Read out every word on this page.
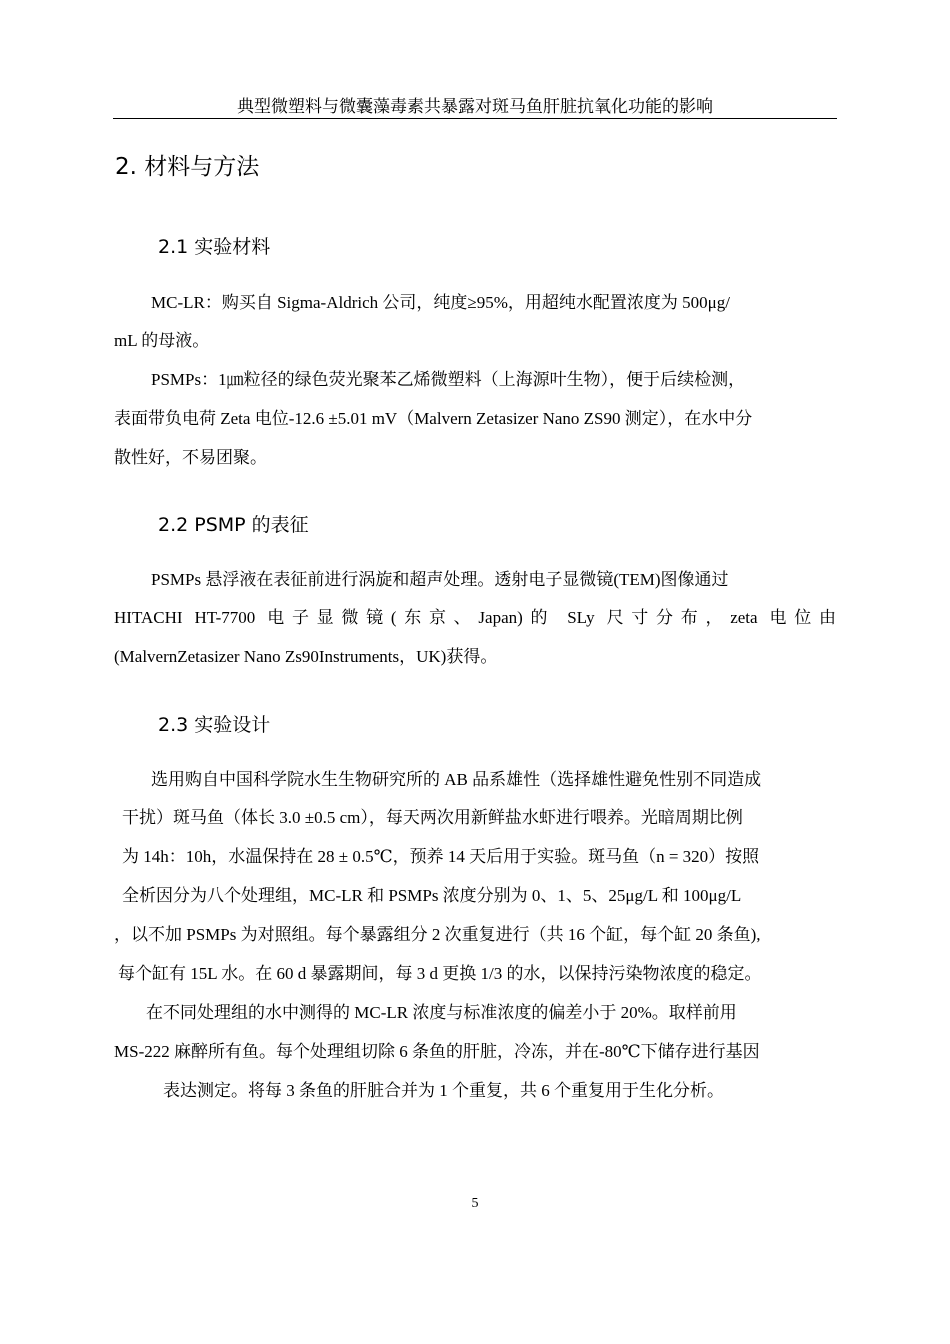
典型微塑料与微囊藻毒素共暴露对斑马鱼肝脏抗氧化功能的影响
2. 材料与方法
2.1 实验材料
MC-LR：购买自 Sigma-Aldrich 公司，纯度≥95%，用超纯水配置浓度为 500μg/
mL 的母液。
PSMPs：1㎛粒径的绿色荧光聚苯乙烯微塑料（上海源叶生物），便于后续检测，
表面带负电荷 Zeta 电位-12.6 ±5.01 mV（Malvern Zetasizer Nano ZS90 测定），在水中分
散性好，不易团聚。
2.2 PSMP 的表征
PSMPs 悬浮液在表征前进行涡旋和超声处理。透射电子显微镜(TEM)图像通过
HITACHI HT-7700 电子显微镜(东京、Japan)的 SLy 尺寸分布，zeta 电位由
(MalvernZetasizer Nano Zs90Instruments，UK)获得。
2.3 实验设计
选用购自中国科学院水生生物研究所的 AB 品系雄性（选择雄性避免性别不同造成
干扰）斑马鱼（体长 3.0 ±0.5 cm），每天两次用新鲜盐水虾进行喂养。光暗周期比例
为 14h：10h，水温保持在 28 ± 0.5℃，预养 14 天后用于实验。斑马鱼（n = 320）按照
全析因分为八个处理组，MC-LR 和 PSMPs 浓度分别为 0、1、5、25μg/L 和 100μg/L
，以不加 PSMPs 为对照组。每个暴露组分 2 次重复进行（共 16 个缸，每个缸 20 条鱼),
每个缸有 15L 水。在 60 d 暴露期间，每 3 d 更换 1/3 的水，以保持污染物浓度的稳定。
在不同处理组的水中测得的 MC-LR 浓度与标准浓度的偏差小于 20%。取样前用
MS-222 麻醉所有鱼。每个处理组切除 6 条鱼的肝脏，冷冻，并在-80℃下储存进行基因
表达测定。将每 3 条鱼的肝脏合并为 1 个重复，共 6 个重复用于生化分析。
5
